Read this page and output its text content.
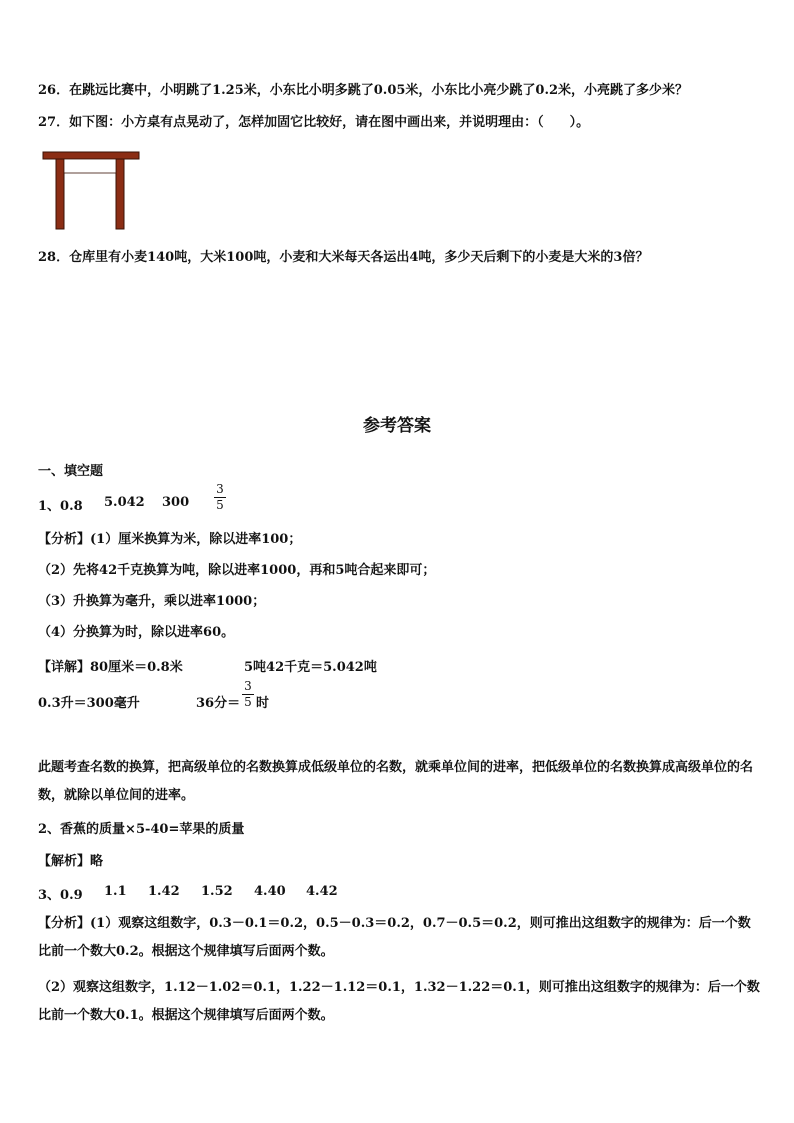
26．在跳远比赛中，小明跳了1.25米，小东比小明多跳了0.05米，小东比小亮少跳了0.2米，小亮跳了多少米？
27．如下图：小方桌有点晃动了，怎样加固它比较好，请在图中画出来，并说明理由：（　　）。
28．仓库里有小麦140吨，大米100吨，小麦和大米每天各运出4吨，多少天后剩下的小麦是大米的3倍？
参考答案
一、填空题
1、0.8 5.042 300
3
5
【分析】(1）厘米换算为米，除以进率100；
（2）先将42千克换算为吨，除以进率1000，再和5吨合起来即可；
（3）升换算为毫升，乘以进率1000；
（4）分换算为时，除以进率60。
【详解】80厘米＝0.8米	5吨42千克＝5.042吨
0.3升＝300毫升	36分＝
3
5 时
此题考查名数的换算，把高级单位的名数换算成低级单位的名数，就乘单位间的进率，把低级单位的名数换算成高级单位的名数，就除以单位间的进率。
2、香蕉的质量×5-40=苹果的质量
【解析】略
3、0.9 1.1 1.42 1.52 4.40 4.42
【分析】(1）观察这组数字，0.3－0.1＝0.2，0.5－0.3＝0.2，0.7－0.5＝0.2，则可推出这组数字的规律为：后一个数比前一个数大0.2。根据这个规律填写后面两个数。
（2）观察这组数字，1.12－1.02＝0.1，1.22－1.12＝0.1，1.32－1.22＝0.1，则可推出这组数字的规律为：后一个数比前一个数大0.1。根据这个规律填写后面两个数。
